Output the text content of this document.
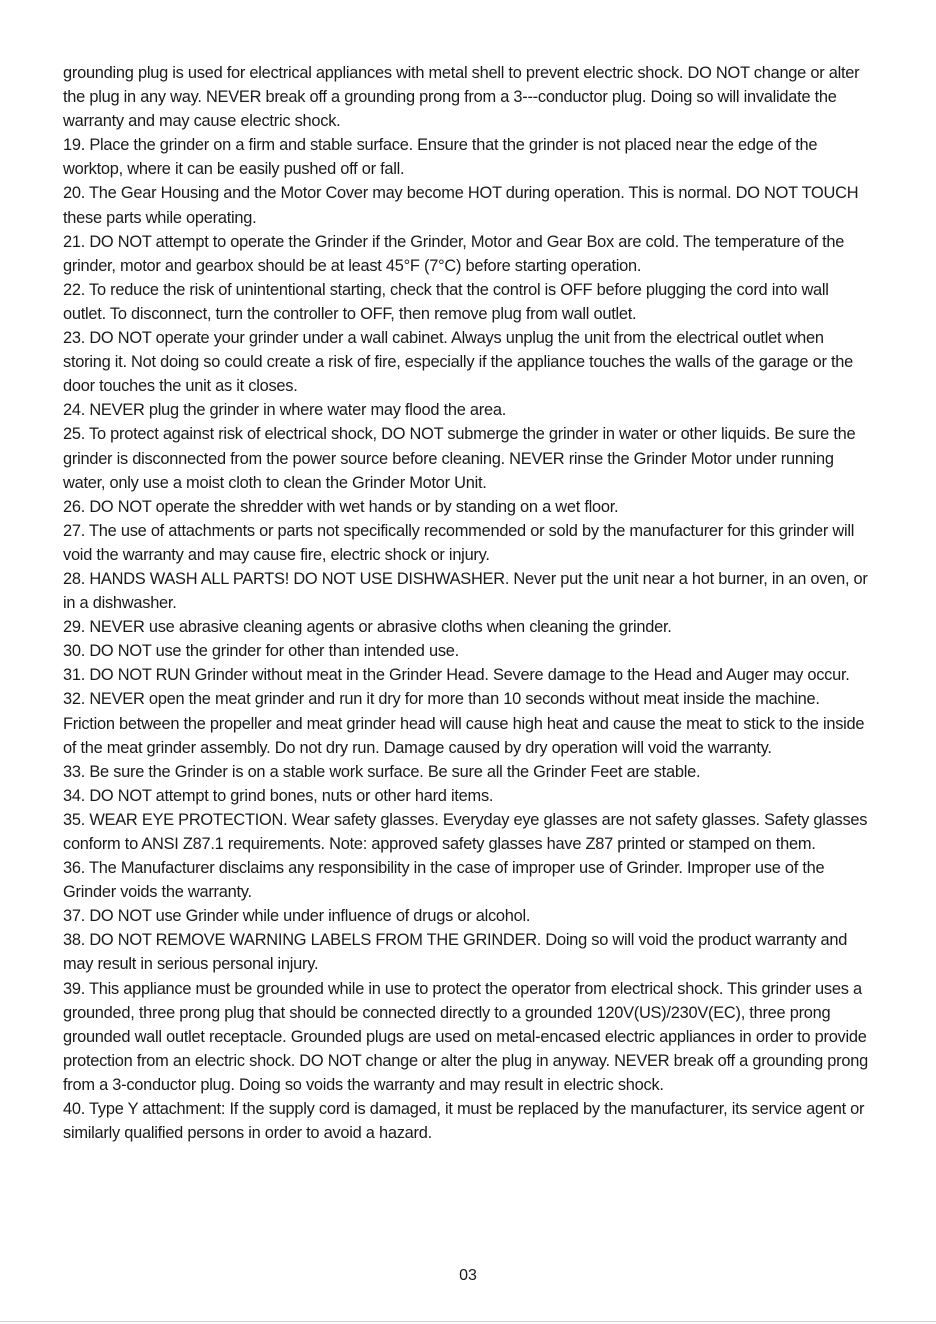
grounding plug is used for electrical appliances with metal shell to prevent electric shock. DO NOT change or alter the plug in any way. NEVER break off a grounding prong from a 3---conductor plug. Doing so will invalidate the warranty and may cause electric shock.

19. Place the grinder on a firm and stable surface. Ensure that the grinder is not placed near the edge of the worktop, where it can be easily pushed off or fall.

20. The Gear Housing and the Motor Cover may become HOT during operation. This is normal. DO NOT TOUCH these parts while operating.

21. DO NOT attempt to operate the Grinder if the Grinder, Motor and Gear Box are cold. The temperature of the grinder, motor and gearbox should be at least 45°F (7°C) before starting operation.

22. To reduce the risk of unintentional starting, check that the control is OFF before plugging the cord into wall outlet. To disconnect, turn the controller to OFF, then remove plug from wall outlet.

23. DO NOT operate your grinder under a wall cabinet. Always unplug the unit from the electrical outlet when storing it. Not doing so could create a risk of fire, especially if the appliance touches the walls of the garage or the door touches the unit as it closes.

24. NEVER plug the grinder in where water may flood the area.

25. To protect against risk of electrical shock, DO NOT submerge the grinder in water or other liquids. Be sure the grinder is disconnected from the power source before cleaning. NEVER rinse the Grinder Motor under running water, only use a moist cloth to clean the Grinder Motor Unit.

26. DO NOT operate the shredder with wet hands or by standing on a wet floor.

27. The use of attachments or parts not specifically recommended or sold by the manufacturer for this grinder will void the warranty and may cause fire, electric shock or injury.

28. HANDS WASH ALL PARTS! DO NOT USE DISHWASHER. Never put the unit near a hot burner, in an oven, or in a dishwasher.

29. NEVER use abrasive cleaning agents or abrasive cloths when cleaning the grinder.

30. DO NOT use the grinder for other than intended use.

31. DO NOT RUN Grinder without meat in the Grinder Head. Severe damage to the Head and Auger may occur.

32. NEVER open the meat grinder and run it dry for more than 10 seconds without meat inside the machine. Friction between the propeller and meat grinder head will cause high heat and cause the meat to stick to the inside of the meat grinder assembly. Do not dry run. Damage caused by dry operation will void the warranty.

33. Be sure the Grinder is on a stable work surface. Be sure all the Grinder Feet are stable.

34. DO NOT attempt to grind bones, nuts or other hard items.

35. WEAR EYE PROTECTION. Wear safety glasses. Everyday eye glasses are not safety glasses. Safety glasses conform to ANSI Z87.1 requirements. Note: approved safety glasses have Z87 printed or stamped on them.

36. The Manufacturer disclaims any responsibility in the case of improper use of Grinder. Improper use of the Grinder voids the warranty.

37. DO NOT use Grinder while under influence of drugs or alcohol.

38. DO NOT REMOVE WARNING LABELS FROM THE GRINDER. Doing so will void the product warranty and may result in serious personal injury.

39. This appliance must be grounded while in use to protect the operator from electrical shock. This grinder uses a grounded, three prong plug that should be connected directly to a grounded 120V(US)/230V(EC), three prong grounded wall outlet receptacle. Grounded plugs are used on metal-encased electric appliances in order to provide protection from an electric shock. DO NOT change or alter the plug in anyway. NEVER break off a grounding prong from a 3-conductor plug. Doing so voids the warranty and may result in electric shock.

40. Type Y attachment: If the supply cord is damaged, it must be replaced by the manufacturer, its service agent or similarly qualified persons in order to avoid a hazard.

03
